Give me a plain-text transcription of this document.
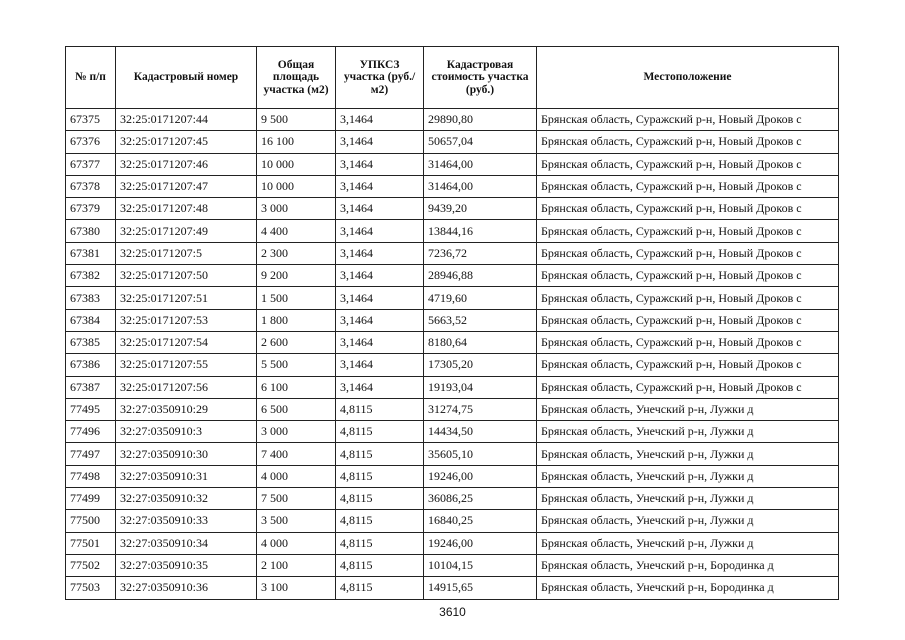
№ п/п	Кадастровый номер	Общая площадь участка (м2)	УПКСЗ участка (руб./м2)	Кадастровая стоимость участка (руб.)	Местоположение
67375	32:25:0171207:44	9 500	3,1464	29890,80	Брянская область, Суражский р-н, Новый Дроков с
67376	32:25:0171207:45	16 100	3,1464	50657,04	Брянская область, Суражский р-н, Новый Дроков с
67377	32:25:0171207:46	10 000	3,1464	31464,00	Брянская область, Суражский р-н, Новый Дроков с
67378	32:25:0171207:47	10 000	3,1464	31464,00	Брянская область, Суражский р-н, Новый Дроков с
67379	32:25:0171207:48	3 000	3,1464	9439,20	Брянская область, Суражский р-н, Новый Дроков с
67380	32:25:0171207:49	4 400	3,1464	13844,16	Брянская область, Суражский р-н, Новый Дроков с
67381	32:25:0171207:5	2 300	3,1464	7236,72	Брянская область, Суражский р-н, Новый Дроков с
67382	32:25:0171207:50	9 200	3,1464	28946,88	Брянская область, Суражский р-н, Новый Дроков с
67383	32:25:0171207:51	1 500	3,1464	4719,60	Брянская область, Суражский р-н, Новый Дроков с
67384	32:25:0171207:53	1 800	3,1464	5663,52	Брянская область, Суражский р-н, Новый Дроков с
67385	32:25:0171207:54	2 600	3,1464	8180,64	Брянская область, Суражский р-н, Новый Дроков с
67386	32:25:0171207:55	5 500	3,1464	17305,20	Брянская область, Суражский р-н, Новый Дроков с
67387	32:25:0171207:56	6 100	3,1464	19193,04	Брянская область, Суражский р-н, Новый Дроков с
77495	32:27:0350910:29	6 500	4,8115	31274,75	Брянская область, Унечский р-н, Лужки д
77496	32:27:0350910:3	3 000	4,8115	14434,50	Брянская область, Унечский р-н, Лужки д
77497	32:27:0350910:30	7 400	4,8115	35605,10	Брянская область, Унечский р-н, Лужки д
77498	32:27:0350910:31	4 000	4,8115	19246,00	Брянская область, Унечский р-н, Лужки д
77499	32:27:0350910:32	7 500	4,8115	36086,25	Брянская область, Унечский р-н, Лужки д
77500	32:27:0350910:33	3 500	4,8115	16840,25	Брянская область, Унечский р-н, Лужки д
77501	32:27:0350910:34	4 000	4,8115	19246,00	Брянская область, Унечский р-н, Лужки д
77502	32:27:0350910:35	2 100	4,8115	10104,15	Брянская область, Унечский р-н, Бородинка д
77503	32:27:0350910:36	3 100	4,8115	14915,65	Брянская область, Унечский р-н, Бородинка д
3610
